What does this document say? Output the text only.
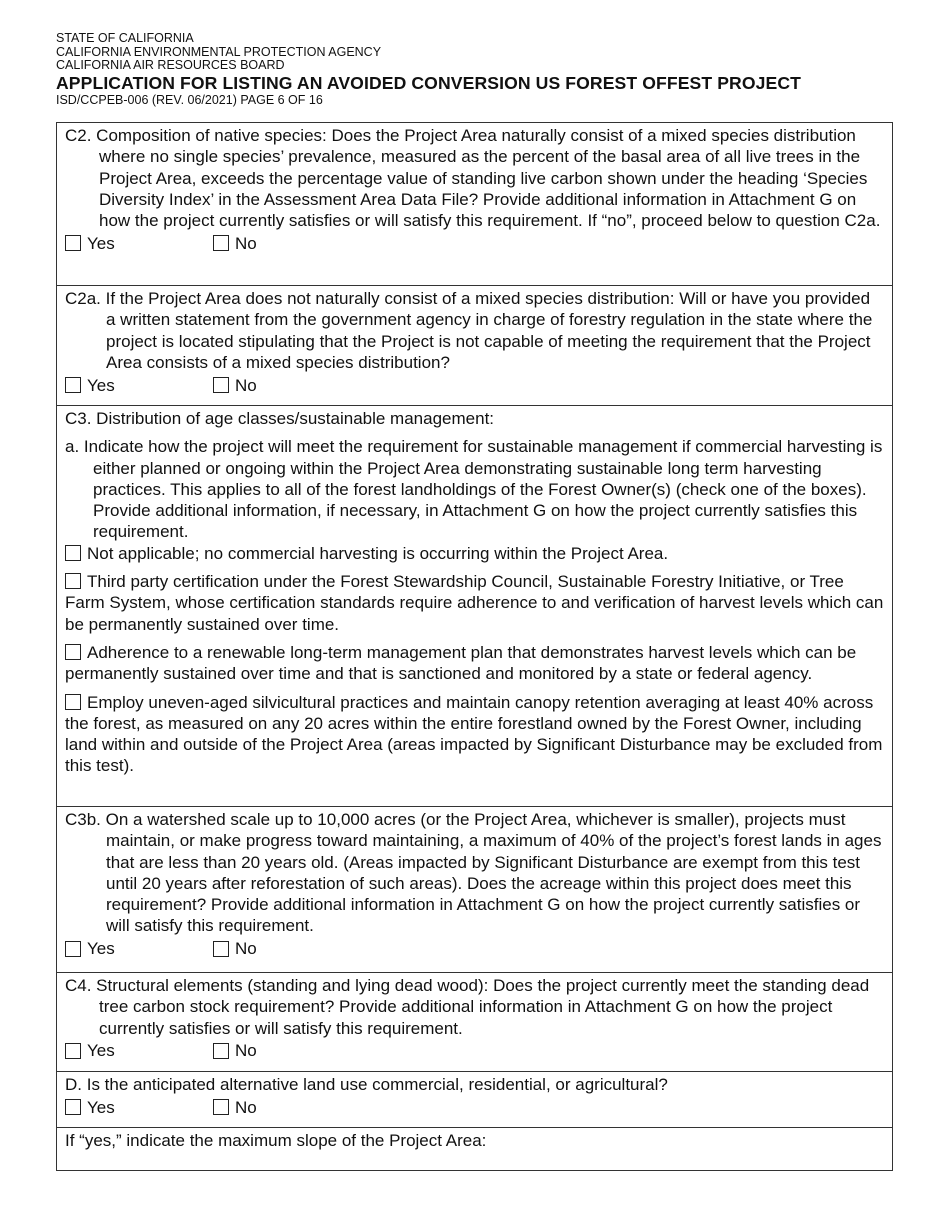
STATE OF CALIFORNIA
CALIFORNIA ENVIRONMENTAL PROTECTION AGENCY
CALIFORNIA AIR RESOURCES BOARD
APPLICATION FOR LISTING AN AVOIDED CONVERSION US FOREST OFFEST PROJECT
ISD/CCPEB-006 (REV. 06/2021) PAGE 6 OF 16

C2. Composition of native species: Does the Project Area naturally consist of a mixed species distribution where no single species’ prevalence, measured as the percent of the basal area of all live trees in the Project Area, exceeds the percentage value of standing live carbon shown under the heading ‘Species Diversity Index’ in the Assessment Area Data File? Provide additional information in Attachment G on how the project currently satisfies or will satisfy this requirement. If “no”, proceed below to question C2a.

Yes	No

C2a. If the Project Area does not naturally consist of a mixed species distribution: Will or have you provided a written statement from the government agency in charge of forestry regulation in the state where the project is located stipulating that the Project is not capable of meeting the requirement that the Project Area consists of a mixed species distribution?

Yes	No

C3. Distribution of age classes/sustainable management:

a. Indicate how the project will meet the requirement for sustainable management if commercial harvesting is either planned or ongoing within the Project Area demonstrating sustainable long term harvesting practices. This applies to all of the forest landholdings of the Forest Owner(s) (check one of the boxes). Provide additional information, if necessary, in Attachment G on how the project currently satisfies this requirement.

Not applicable; no commercial harvesting is occurring within the Project Area.

Third party certification under the Forest Stewardship Council, Sustainable Forestry Initiative, or Tree Farm System, whose certification standards require adherence to and verification of harvest levels which can be permanently sustained over time.

Adherence to a renewable long-term management plan that demonstrates harvest levels which can be permanently sustained over time and that is sanctioned and monitored by a state or federal agency.

Employ uneven-aged silvicultural practices and maintain canopy retention averaging at least 40% across the forest, as measured on any 20 acres within the entire forestland owned by the Forest Owner, including land within and outside of the Project Area (areas impacted by Significant Disturbance may be excluded from this test).

C3b. On a watershed scale up to 10,000 acres (or the Project Area, whichever is smaller), projects must maintain, or make progress toward maintaining, a maximum of 40% of the project’s forest lands in ages that are less than 20 years old. (Areas impacted by Significant Disturbance are exempt from this test until 20 years after reforestation of such areas). Does the acreage within this project does meet this requirement? Provide additional information in Attachment G on how the project currently satisfies or will satisfy this requirement.

Yes	No

C4. Structural elements (standing and lying dead wood): Does the project currently meet the standing dead tree carbon stock requirement? Provide additional information in Attachment G on how the project currently satisfies or will satisfy this requirement.

Yes	No

D. Is the anticipated alternative land use commercial, residential, or agricultural?

Yes	No

If “yes,” indicate the maximum slope of the Project Area:
